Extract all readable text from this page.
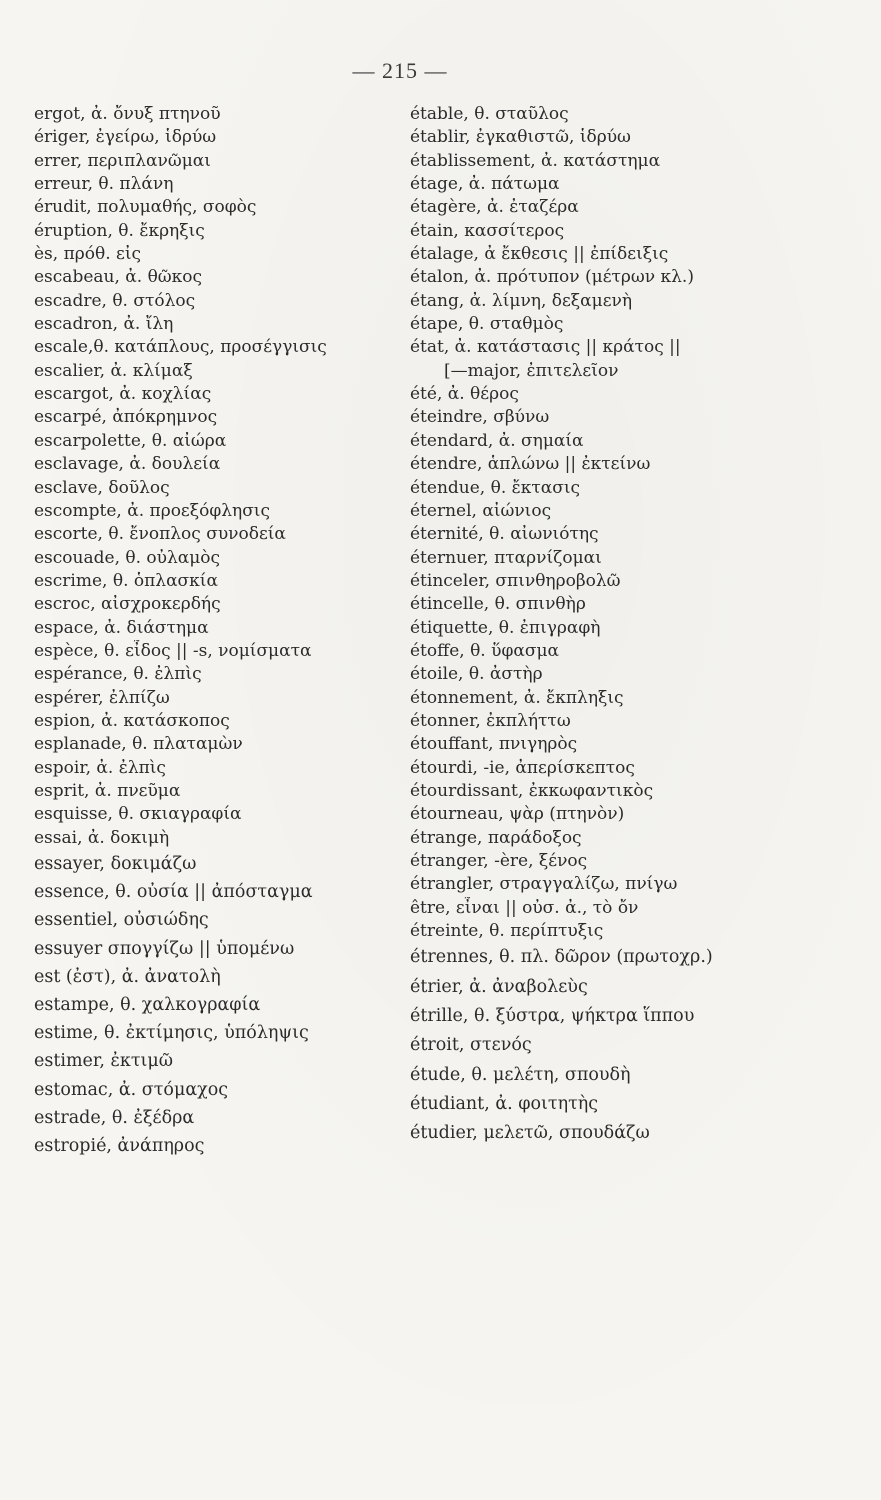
— 215 —
ergot, ἀ. ὄνυξ πτηνοῦ
ériger, ἐγείρω, ἱδρύω
errer, περιπλανῶμαι
erreur, θ. πλάνη
érudit, πολυμαθής, σοφὸς
éruption, θ. ἔκρηξις
ès, πρόθ. εἰς
escabeau, ἀ. θῶκος
escadre, θ. στόλος
escadron, ἀ. ἴλη
escale,θ. κατάπλους, προσέγγισις
escalier, ἀ. κλίμαξ
escargot, ἀ. κοχλίας
escarpé, ἀπόκρημνος
escarpolette, θ. αἰώρα
esclavage, ἀ. δουλεία
esclave, δοῦλος
escompte, ἀ. προεξόφλησις
escorte, θ. ἔνοπλος συνοδεία
escouade, θ. οὐλαμὸς
escrime, θ. ὁπλασκία
escroc, αἰσχροκερδής
espace, ἀ. διάστημα
espèce, θ. εἶδος || -s, νομίσματα
espérance, θ. ἐλπὶς
espérer, ἐλπίζω
espion, ἀ. κατάσκοπος
esplanade, θ. πλαταμὼν
espoir, ἀ. ἐλπὶς
esprit, ἀ. πνεῦμα
esquisse, θ. σκιαγραφία
essai, ἀ. δοκιμὴ
essayer, δοκιμάζω
essence, θ. οὐσία || ἀπόσταγμα
essentiel, οὐσιώδης
essuyer σπογγίζω || ὑπομένω
est (ἐστ), ἀ. ἀνατολὴ
estampe, θ. χαλκογραφία
estime, θ. ἐκτίμησις, ὑπόληψις
estimer, ἐκτιμῶ
estomac, ἀ. στόμαχος
estrade, θ. ἐξέδρα
estropié, ἀνάπηρος
étable, θ. σταῦλος
établir, ἐγκαθιστῶ, ἱδρύω
établissement, ἀ. κατάστημα
étage, ἀ. πάτωμα
étagère, ἀ. ἐταζέρα
étain, κασσίτερος
étalage, ἀ ἔκθεσις || ἐπίδειξις
étalon, ἀ. πρότυπον (μέτρων κλ.)
étang, ἀ. λίμνη, δεξαμενὴ
étape, θ. σταθμὸς
état, ἀ. κατάστασις || κράτος ||
[—major, ἐπιτελεῖον
été, ἀ. θέρος
éteindre, σβύνω
étendard, ἀ. σημαία
étendre, ἁπλώνω || ἐκτείνω
étendue, θ. ἔκτασις
éternel, αἰώνιος
éternité, θ. αἰωνιότης
éternuer, πταρνίζομαι
étinceler, σπινθηροβολῶ
étincelle, θ. σπινθὴρ
étiquette, θ. ἐπιγραφὴ
étoffe, θ. ὕφασμα
étoile, θ. ἀστὴρ
étonnement, ἀ. ἔκπληξις
étonner, ἐκπλήττω
étouffant, πνιγηρὸς
étourdi, -ie, ἀπερίσκεπτος
étourdissant, ἐκκωφαντικὸς
étourneau, ψὰρ (πτηνὸν)
étrange, παράδοξος
étranger, -ère, ξένος
étrangler, στραγγαλίζω, πνίγω
être, εἶναι || οὐσ. ἀ., τὸ ὄν
étreinte, θ. περίπτυξις
étrennes, θ. πλ. δῶρον (πρωτοχρ.)
étrier, ἀ. ἀναβολεὺς
étrille, θ. ξύστρα, ψήκτρα ἵππου
étroit, στενός
étude, θ. μελέτη, σπουδὴ
étudiant, ἀ. φοιτητὴς
étudier, μελετῶ, σπουδάζω
